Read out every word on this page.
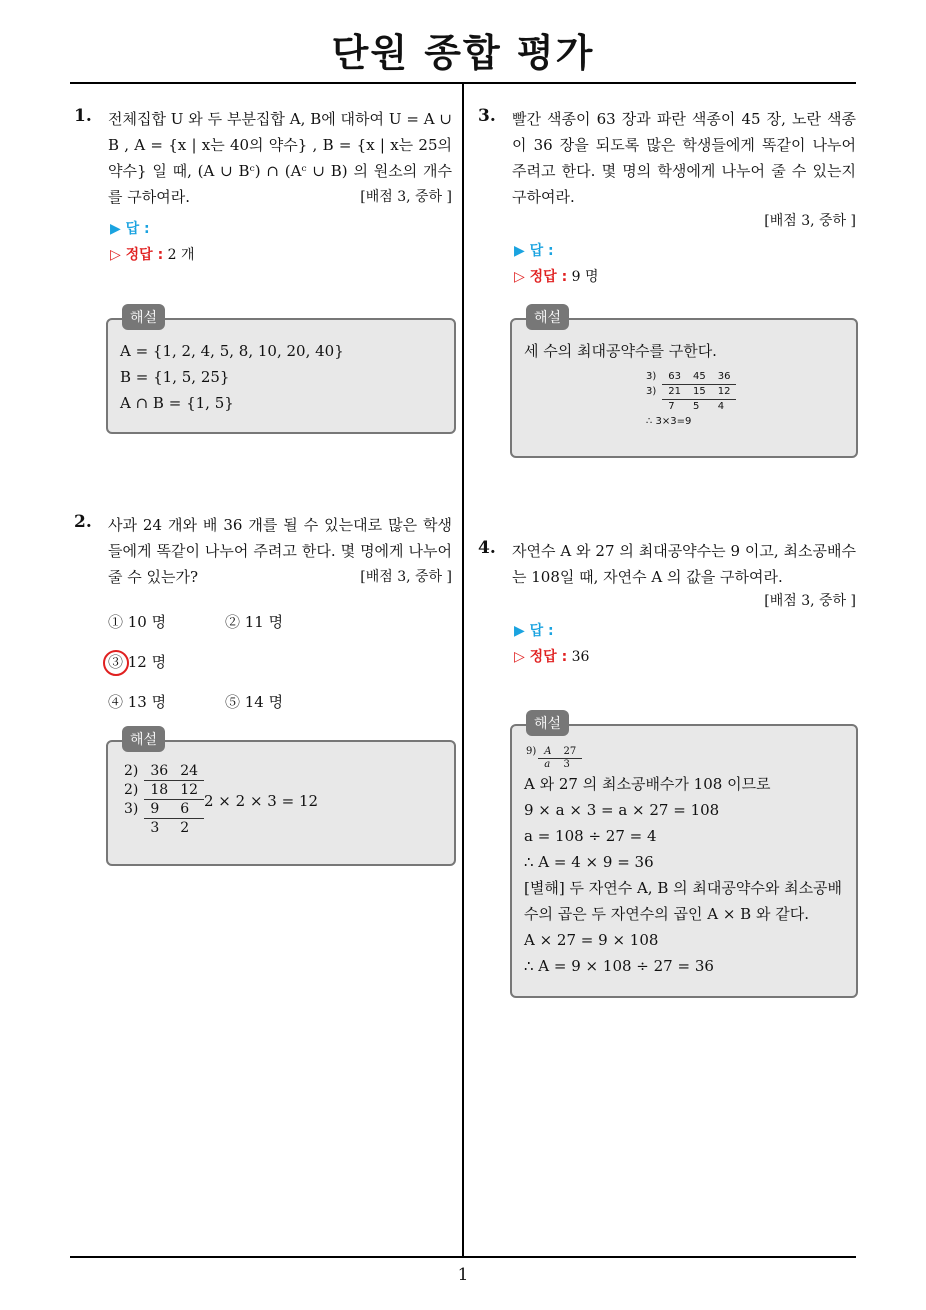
단원 종합 평가
1
1. 전체집합 U 와 두 부분집합 A, B에 대하여 U = A ∪ B , A = {x | x는 40의 약수} , B = {x | x는 25의 약수} 일 때, (A ∪ Bᶜ) ∩ (Aᶜ ∪ B) 의 원소의 개수를 구하여라.	[배점 3, 중하 ]
▶ 답 :
▷ 정답 : 2 개
해설
A = {1, 2, 4, 5, 8, 10, 20, 40}
B = {1, 5, 25}
A ∩ B = {1, 5}
2. 사과 24 개와 배 36 개를 될 수 있는대로 많은 학생들에게 똑같이 나누어 주려고 한다. 몇 명에게 나누어 줄 수 있는가?	[배점 3, 중하 ]
① 10 명	② 11 명
③ 12 명
④ 13 명	⑤ 14 명
해설
2)	36	24
2)	18	12
3)	9	6
	3	2
2 × 2 × 3 = 12
3. 빨간 색종이 63 장과 파란 색종이 45 장, 노란 색종이 36 장을 되도록 많은 학생들에게 똑같이 나누어 주려고 한다. 몇 명의 학생에게 나누어 줄 수 있는지 구하여라.
[배점 3, 중하 ]
▶ 답 :
▷ 정답 : 9 명
해설
세 수의 최대공약수를 구한다.
3)	63	45	36
3)	21	15	12
	7	5	4
∴ 3×3=9
4. 자연수 A 와 27 의 최대공약수는 9 이고, 최소공배수는 108일 때, 자연수 A 의 값을 구하여라.
[배점 3, 중하 ]
▶ 답 :
▷ 정답 : 36
해설
9)	A	27
	a	3
A 와 27 의 최소공배수가 108 이므로
9 × a × 3 = a × 27 = 108
a = 108 ÷ 27 = 4
∴ A = 4 × 9 = 36
[별해] 두 자연수 A, B 의 최대공약수와 최소공배수의 곱은 두 자연수의 곱인 A × B 와 같다.
A × 27 = 9 × 108
∴ A = 9 × 108 ÷ 27 = 36
